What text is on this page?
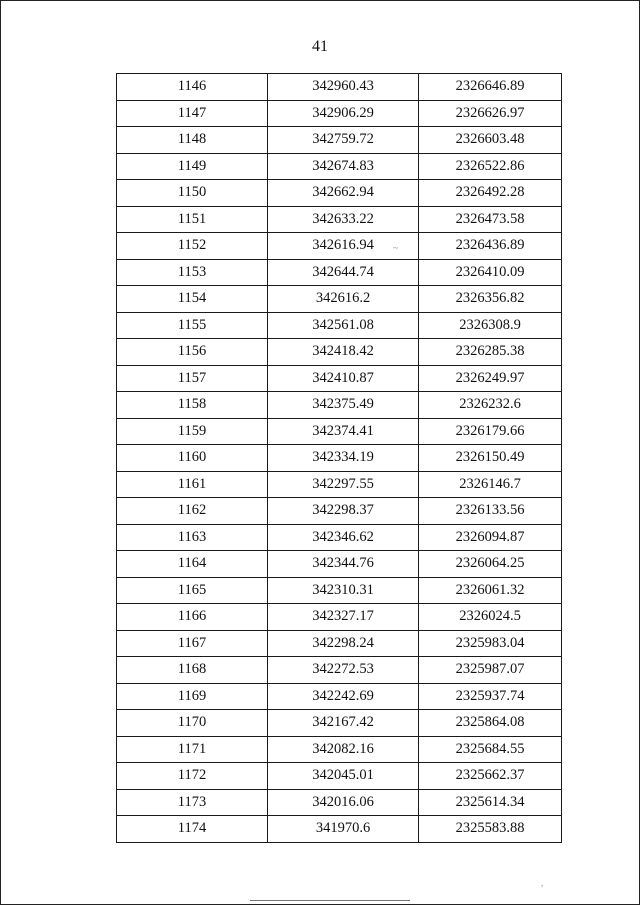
41
1146	342960.43	2326646.89
1147	342906.29	2326626.97
1148	342759.72	2326603.48
1149	342674.83	2326522.86
1150	342662.94	2326492.28
1151	342633.22	2326473.58
1152	342616.94	2326436.89
1153	342644.74	2326410.09
1154	342616.2	2326356.82
1155	342561.08	2326308.9
1156	342418.42	2326285.38
1157	342410.87	2326249.97
1158	342375.49	2326232.6
1159	342374.41	2326179.66
1160	342334.19	2326150.49
1161	342297.55	2326146.7
1162	342298.37	2326133.56
1163	342346.62	2326094.87
1164	342344.76	2326064.25
1165	342310.31	2326061.32
1166	342327.17	2326024.5
1167	342298.24	2325983.04
1168	342272.53	2325987.07
1169	342242.69	2325937.74
1170	342167.42	2325864.08
1171	342082.16	2325684.55
1172	342045.01	2325662.37
1173	342016.06	2325614.34
1174	341970.6	2325583.88
~
,
